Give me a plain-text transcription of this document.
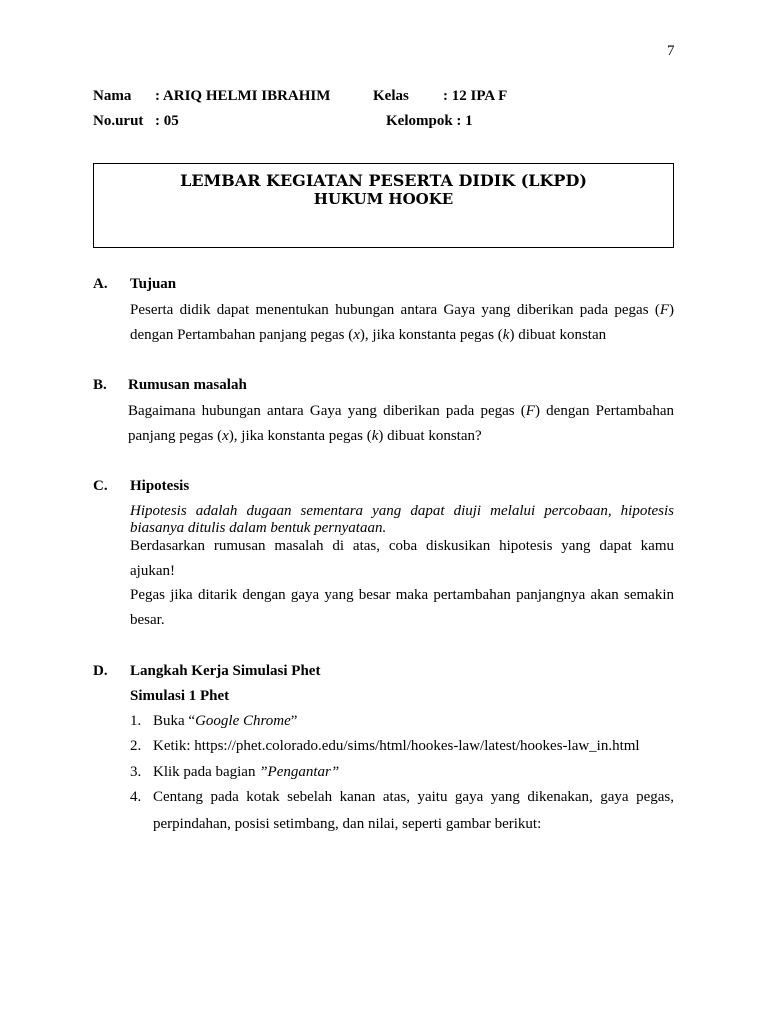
7
Nama : ARIQ HELMI IBRAHIM	Kelas : 12 IPA F
No.urut : 05	Kelompok : 1
LEMBAR KEGIATAN PESERTA DIDIK (LKPD)
HUKUM HOOKE
A. Tujuan
Peserta didik dapat menentukan hubungan antara Gaya yang diberikan pada pegas (F)
dengan Pertambahan panjang pegas (x), jika konstanta pegas (k) dibuat konstan
B. Rumusan masalah
Bagaimana hubungan antara Gaya yang diberikan pada pegas (F) dengan Pertambahan
panjang pegas (x), jika konstanta pegas (k) dibuat konstan?
C. Hipotesis
Hipotesis adalah dugaan sementara yang dapat diuji melalui percobaan, hipotesis
biasanya ditulis dalam bentuk pernyataan.
Berdasarkan rumusan masalah di atas, coba diskusikan hipotesis yang dapat kamu
ajukan!
Pegas jika ditarik dengan gaya yang besar maka pertambahan panjangnya akan semakin
besar.
D. Langkah Kerja Simulasi Phet
Simulasi 1 Phet
1. Buka “Google Chrome”
2. Ketik: https://phet.colorado.edu/sims/html/hookes-law/latest/hookes-law_in.html
3. Klik pada bagian ”Pengantar”
4. Centang pada kotak sebelah kanan atas, yaitu gaya yang dikenakan, gaya pegas,
perpindahan, posisi setimbang, dan nilai, seperti gambar berikut:
